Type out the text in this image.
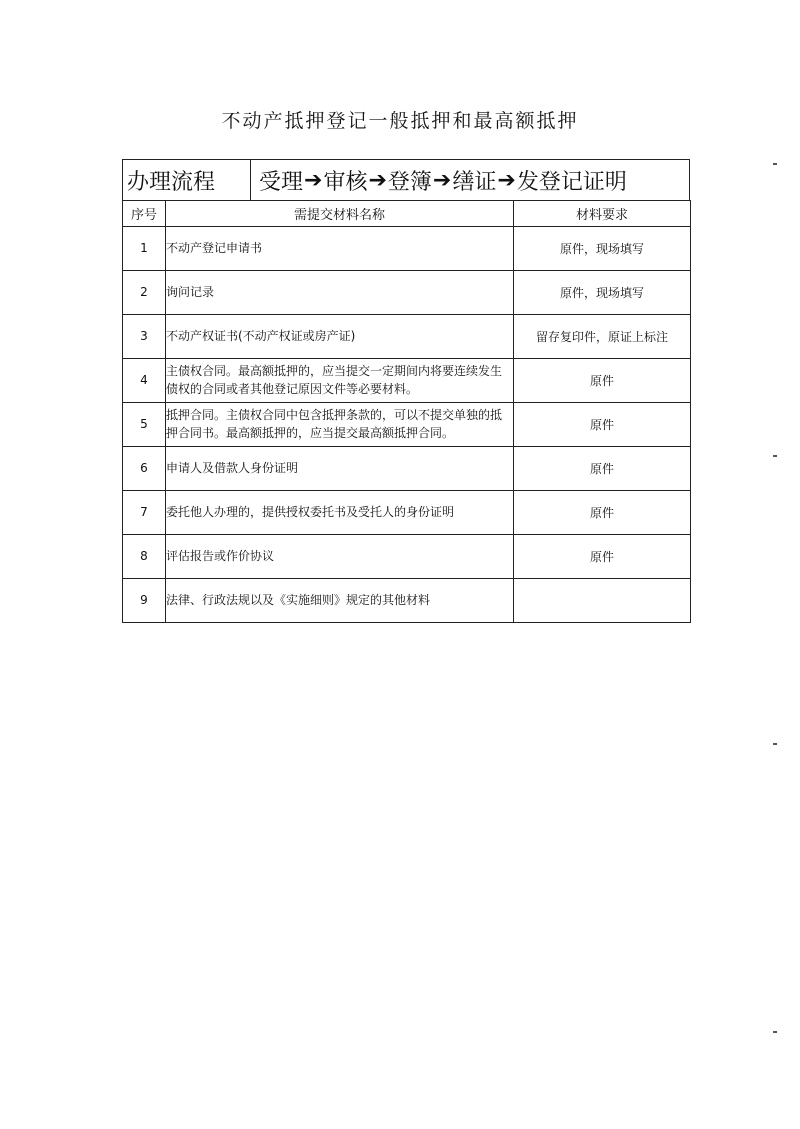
不动产抵押登记一般抵押和最高额抵押
办理流程	受理 ➔ 审核 ➔ 登簿 ➔ 缮证 ➔ 发登记证明
序号	需提交材料名称	材料要求
1	不动产登记申请书	原件，现场填写
2	询问记录	原件，现场填写
3	不动产权证书(不动产权证或房产证)	留存复印件，原证上标注
4	主债权合同。最高额抵押的，应当提交一定期间内将要连续发生债权的合同或者其他登记原因文件等必要材料。	原件
5	抵押合同。主债权合同中包含抵押条款的，可以不提交单独的抵押合同书。最高额抵押的，应当提交最高额抵押合同。	原件
6	申请人及借款人身份证明	原件
7	委托他人办理的，提供授权委托书及受托人的身份证明	原件
8	评估报告或作价协议	原件
9	法律、行政法规以及《实施细则》规定的其他材料	
